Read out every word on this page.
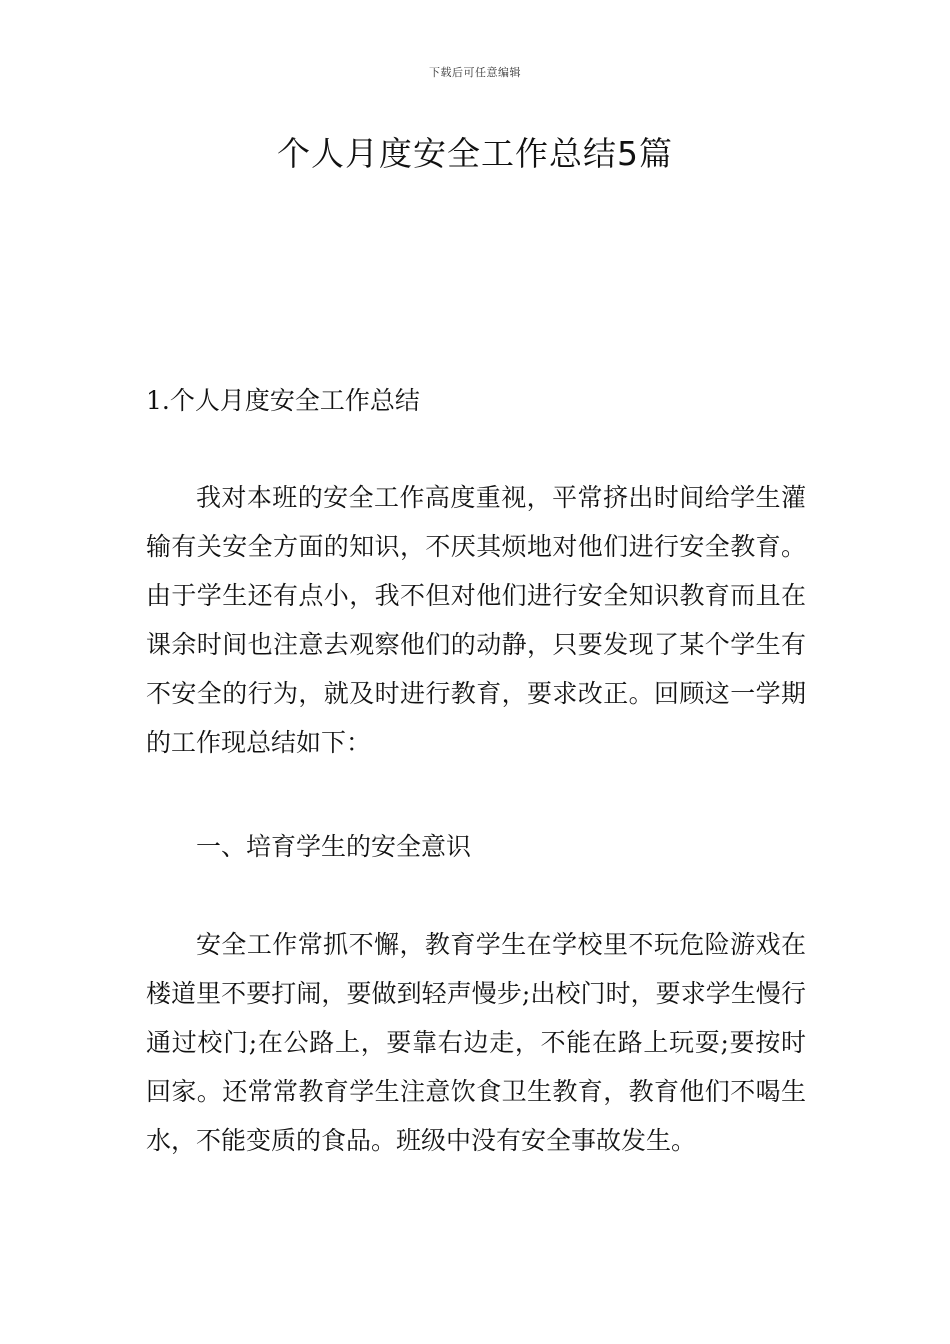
下载后可任意编辑
个人月度安全工作总结5篇

1.个人月度安全工作总结

我对本班的安全工作高度重视，平常挤出时间给学生灌输有关安全方面的知识，不厌其烦地对他们进行安全教育。由于学生还有点小，我不但对他们进行安全知识教育而且在课余时间也注意去观察他们的动静，只要发现了某个学生有不安全的行为，就及时进行教育，要求改正。回顾这一学期的工作现总结如下：

一、培育学生的安全意识

安全工作常抓不懈，教育学生在学校里不玩危险游戏在楼道里不要打闹，要做到轻声慢步;出校门时，要求学生慢行通过校门;在公路上，要靠右边走，不能在路上玩耍;要按时回家。还常常教育学生注意饮食卫生教育，教育他们不喝生水，不能变质的食品。班级中没有安全事故发生。
